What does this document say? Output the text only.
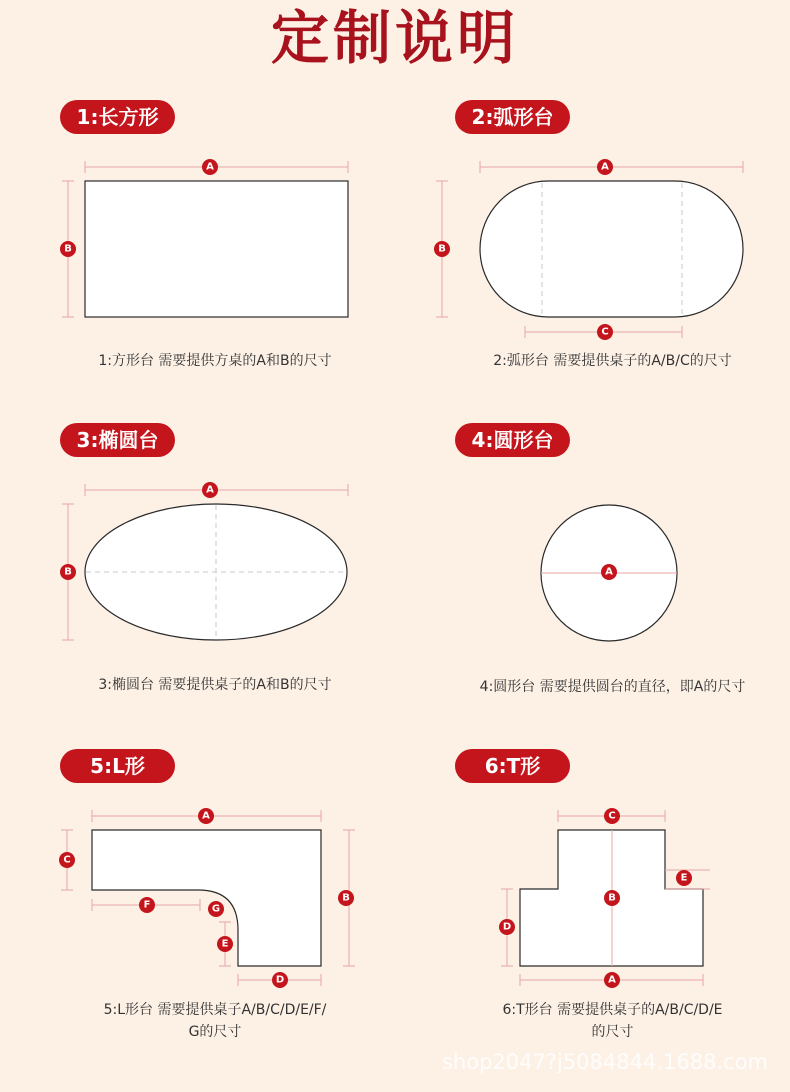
定制说明
1:长方形	2:弧形台
3:椭圆台	4:圆形台
5:L形	6:T形
1:方形台 需要提供方桌的A和B的尺寸	2:弧形台 需要提供桌子的A/B/C的尺寸
3:椭圆台 需要提供桌子的A和B的尺寸	4:圆形台 需要提供圆台的直径，即A的尺寸
5:L形台 需要提供桌子A/B/C/D/E/F/
G的尺寸
6:T形台 需要提供桌子的A/B/C/D/E
的尺寸
A
B
A
B
C
A
B	A
A
B
C
D
E
F	G
A
B
C
D
E
shop2047?j5084844.1688.com
